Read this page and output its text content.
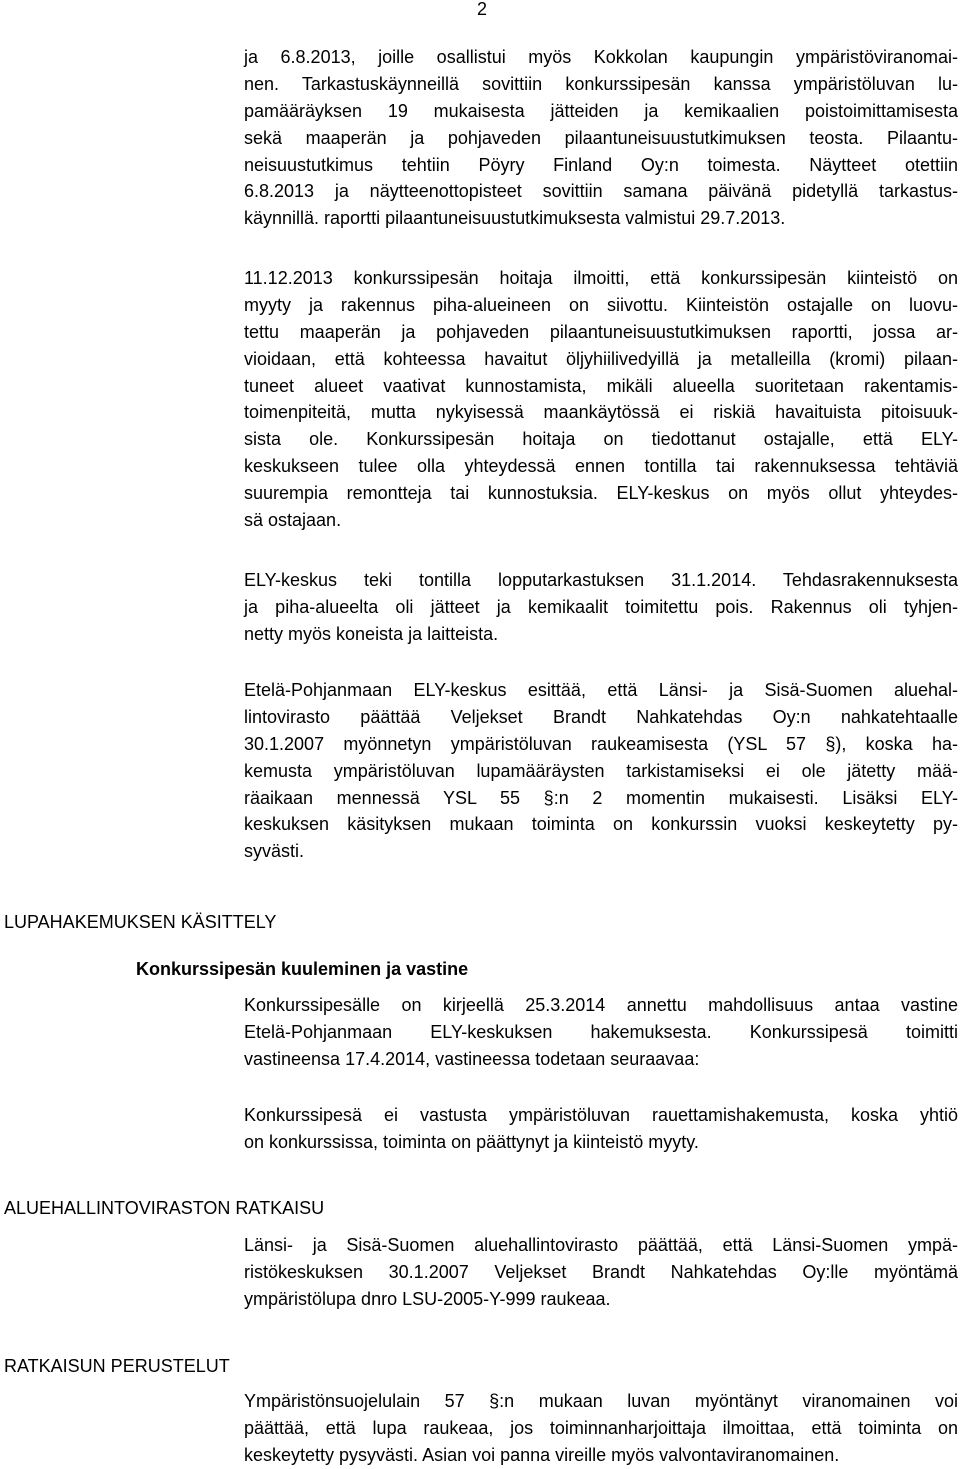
2
ja 6.8.2013, joille osallistui myös Kokkolan kaupungin ympäristöviranomai-
nen. Tarkastuskäynneillä sovittiin konkurssipesän kanssa ympäristöluvan lu-
pamääräyksen 19 mukaisesta jätteiden ja kemikaalien poistoimittamisesta
sekä maaperän ja pohjaveden pilaantuneisuustutkimuksen teosta. Pilaantu-
neisuustutkimus tehtiin Pöyry Finland Oy:n toimesta. Näytteet otettiin
6.8.2013 ja näytteenottopisteet sovittiin samana päivänä pidetyllä tarkastus-
käynnillä. raportti pilaantuneisuustutkimuksesta valmistui 29.7.2013.
11.12.2013 konkurssipesän hoitaja ilmoitti, että konkurssipesän kiinteistö on
myyty ja rakennus piha-alueineen on siivottu. Kiinteistön ostajalle on luovu-
tettu maaperän ja pohjaveden pilaantuneisuustutkimuksen raportti, jossa ar-
vioidaan, että kohteessa havaitut öljyhiilivedyillä ja metalleilla (kromi) pilaan-
tuneet alueet vaativat kunnostamista, mikäli alueella suoritetaan rakentamis-
toimenpiteitä, mutta nykyisessä maankäytössä ei riskiä havaituista pitoisuuk-
sista ole. Konkurssipesän hoitaja on tiedottanut ostajalle, että ELY-
keskukseen tulee olla yhteydessä ennen tontilla tai rakennuksessa tehtäviä
suurempia remontteja tai kunnostuksia. ELY-keskus on myös ollut yhteydes-
sä ostajaan.
ELY-keskus teki tontilla lopputarkastuksen 31.1.2014. Tehdasrakennuksesta
ja piha-alueelta oli jätteet ja kemikaalit toimitettu pois. Rakennus oli tyhjen-
netty myös koneista ja laitteista.
Etelä-Pohjanmaan ELY-keskus esittää, että Länsi- ja Sisä-Suomen aluehal-
lintovirasto päättää Veljekset Brandt Nahkatehdas Oy:n nahkatehtaalle
30.1.2007 myönnetyn ympäristöluvan raukeamisesta (YSL 57 §), koska ha-
kemusta ympäristöluvan lupamääräysten tarkistamiseksi ei ole jätetty mää-
räaikaan mennessä YSL 55 §:n 2 momentin mukaisesti. Lisäksi ELY-
keskuksen käsityksen mukaan toiminta on konkurssin vuoksi keskeytetty py-
syvästi.
LUPAHAKEMUKSEN KÄSITTELY
Konkurssipesän kuuleminen ja vastine
Konkurssipesälle on kirjeellä 25.3.2014 annettu mahdollisuus antaa vastine
Etelä-Pohjanmaan ELY-keskuksen hakemuksesta. Konkurssipesä toimitti
vastineensa 17.4.2014, vastineessa todetaan seuraavaa:
Konkurssipesä ei vastusta ympäristöluvan rauettamishakemusta, koska yhtiö
on konkurssissa, toiminta on päättynyt ja kiinteistö myyty.
ALUEHALLINTOVIRASTON RATKAISU
Länsi- ja Sisä-Suomen aluehallintovirasto päättää, että Länsi-Suomen ympä-
ristökeskuksen 30.1.2007 Veljekset Brandt Nahkatehdas Oy:lle myöntämä
ympäristölupa dnro LSU-2005-Y-999 raukeaa.
RATKAISUN PERUSTELUT
Ympäristönsuojelulain 57 §:n mukaan luvan myöntänyt viranomainen voi
päättää, että lupa raukeaa, jos toiminnanharjoittaja ilmoittaa, että toiminta on
keskeytetty pysyvästi. Asian voi panna vireille myös valvontaviranomainen.
